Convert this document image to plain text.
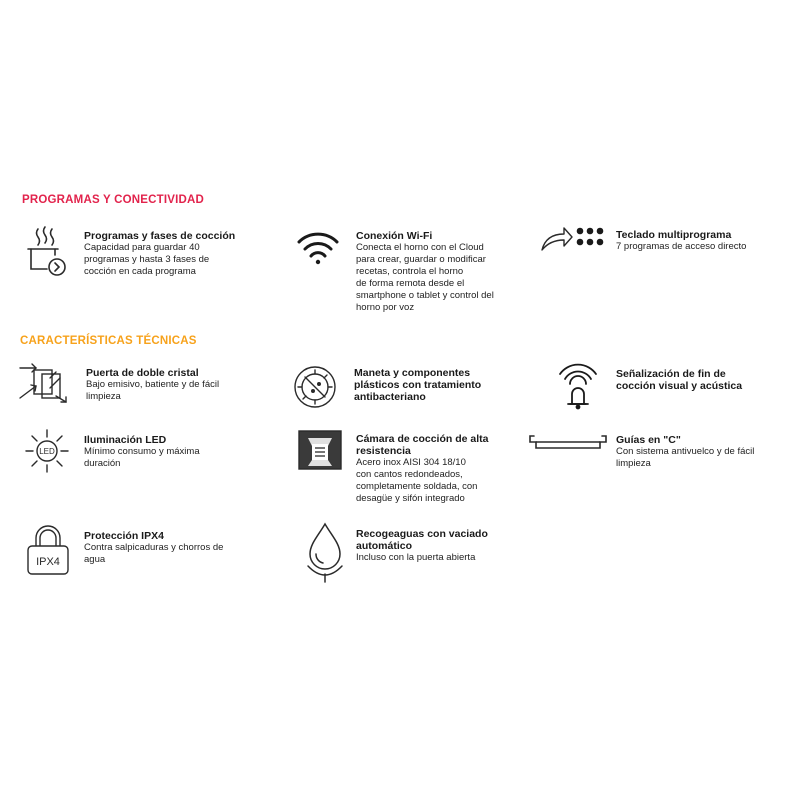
PROGRAMAS Y CONECTIVIDAD
Programas y fases de cocción
Capacidad para guardar 40
programas y hasta 3 fases de
cocción en cada programa
Conexión Wi-Fi
Conecta el horno con el Cloud
para crear, guardar o modificar
recetas, controla el horno
de forma remota desde el
smartphone o tablet y control del
horno por voz
Teclado multiprograma
7 programas de acceso directo
CARACTERÍSTICAS TÉCNICAS
Puerta de doble cristal
Bajo emisivo, batiente y de fácil
limpieza
Maneta y componentes
plásticos con tratamiento
antibacteriano
Señalización de fin de
cocción visual y acústica
LED
Iluminación LED
Mínimo consumo y máxima
duración
Cámara de cocción de alta
resistencia
Acero inox AISI 304 18/10
con cantos redondeados,
completamente soldada, con
desagüe y sifón integrado
Guías en "C"
Con sistema antivuelco y de fácil
limpieza
IPX4
Protección IPX4
Contra salpicaduras y chorros de
agua
Recogeaguas con vaciado
automático
Incluso con la puerta abierta
